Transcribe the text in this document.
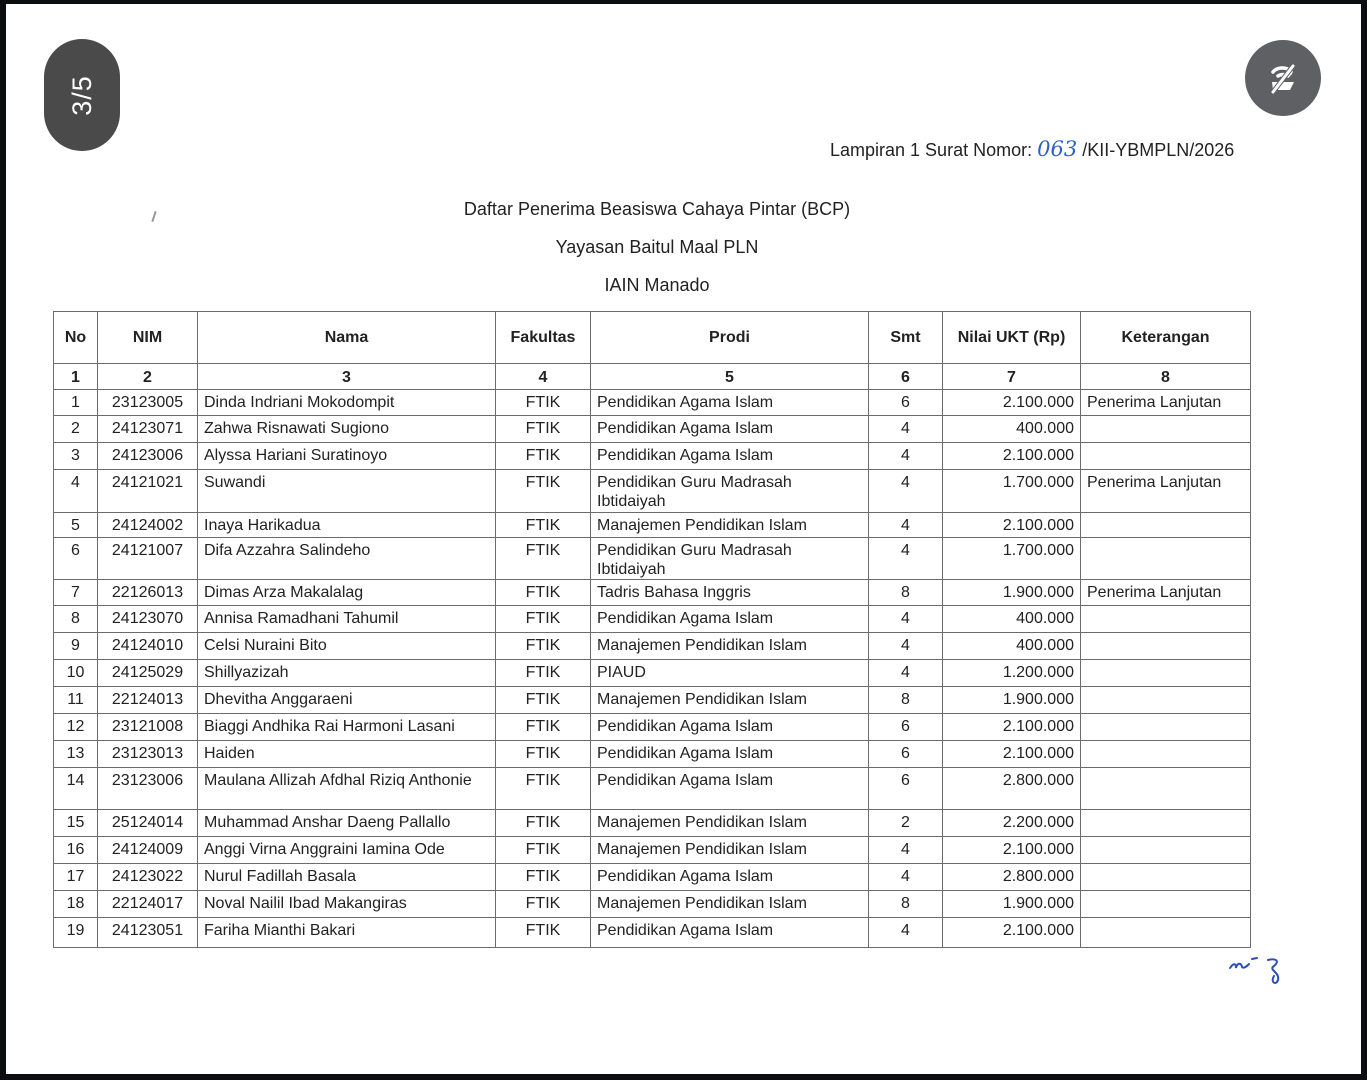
3/5
Lampiran 1 Surat Nomor: 063 /KII-YBMPLN/2026
Daftar Penerima Beasiswa Cahaya Pintar (BCP)
Yayasan Baitul Maal PLN
IAIN Manado
No	NIM	Nama	Fakultas	Prodi	Smt	Nilai UKT (Rp)	Keterangan
1	2	3	4	5	6	7	8
1	23123005	Dinda Indriani Mokodompit	FTIK	Pendidikan Agama Islam	6	2.100.000	Penerima Lanjutan
2	24123071	Zahwa Risnawati Sugiono	FTIK	Pendidikan Agama Islam	4	400.000	
3	24123006	Alyssa Hariani Suratinoyo	FTIK	Pendidikan Agama Islam	4	2.100.000	
4	24121021	Suwandi	FTIK	Pendidikan Guru Madrasah Ibtidaiyah	4	1.700.000	Penerima Lanjutan
5	24124002	Inaya Harikadua	FTIK	Manajemen Pendidikan Islam	4	2.100.000	
6	24121007	Difa Azzahra Salindeho	FTIK	Pendidikan Guru Madrasah Ibtidaiyah	4	1.700.000	
7	22126013	Dimas Arza Makalalag	FTIK	Tadris Bahasa Inggris	8	1.900.000	Penerima Lanjutan
8	24123070	Annisa Ramadhani Tahumil	FTIK	Pendidikan Agama Islam	4	400.000	
9	24124010	Celsi Nuraini Bito	FTIK	Manajemen Pendidikan Islam	4	400.000	
10	24125029	Shillyazizah	FTIK	PIAUD	4	1.200.000	
11	22124013	Dhevitha Anggaraeni	FTIK	Manajemen Pendidikan Islam	8	1.900.000	
12	23121008	Biaggi Andhika Rai Harmoni Lasani	FTIK	Pendidikan Agama Islam	6	2.100.000	
13	23123013	Haiden	FTIK	Pendidikan Agama Islam	6	2.100.000	
14	23123006	Maulana Allizah Afdhal Riziq Anthonie	FTIK	Pendidikan Agama Islam	6	2.800.000	
15	25124014	Muhammad Anshar Daeng Pallallo	FTIK	Manajemen Pendidikan Islam	2	2.200.000	
16	24124009	Anggi Virna Anggraini Iamina Ode	FTIK	Manajemen Pendidikan Islam	4	2.100.000	
17	24123022	Nurul Fadillah Basala	FTIK	Pendidikan Agama Islam	4	2.800.000	
18	22124017	Noval Nailil Ibad Makangiras	FTIK	Manajemen Pendidikan Islam	8	1.900.000	
19	24123051	Fariha Mianthi Bakari	FTIK	Pendidikan Agama Islam	4	2.100.000	
